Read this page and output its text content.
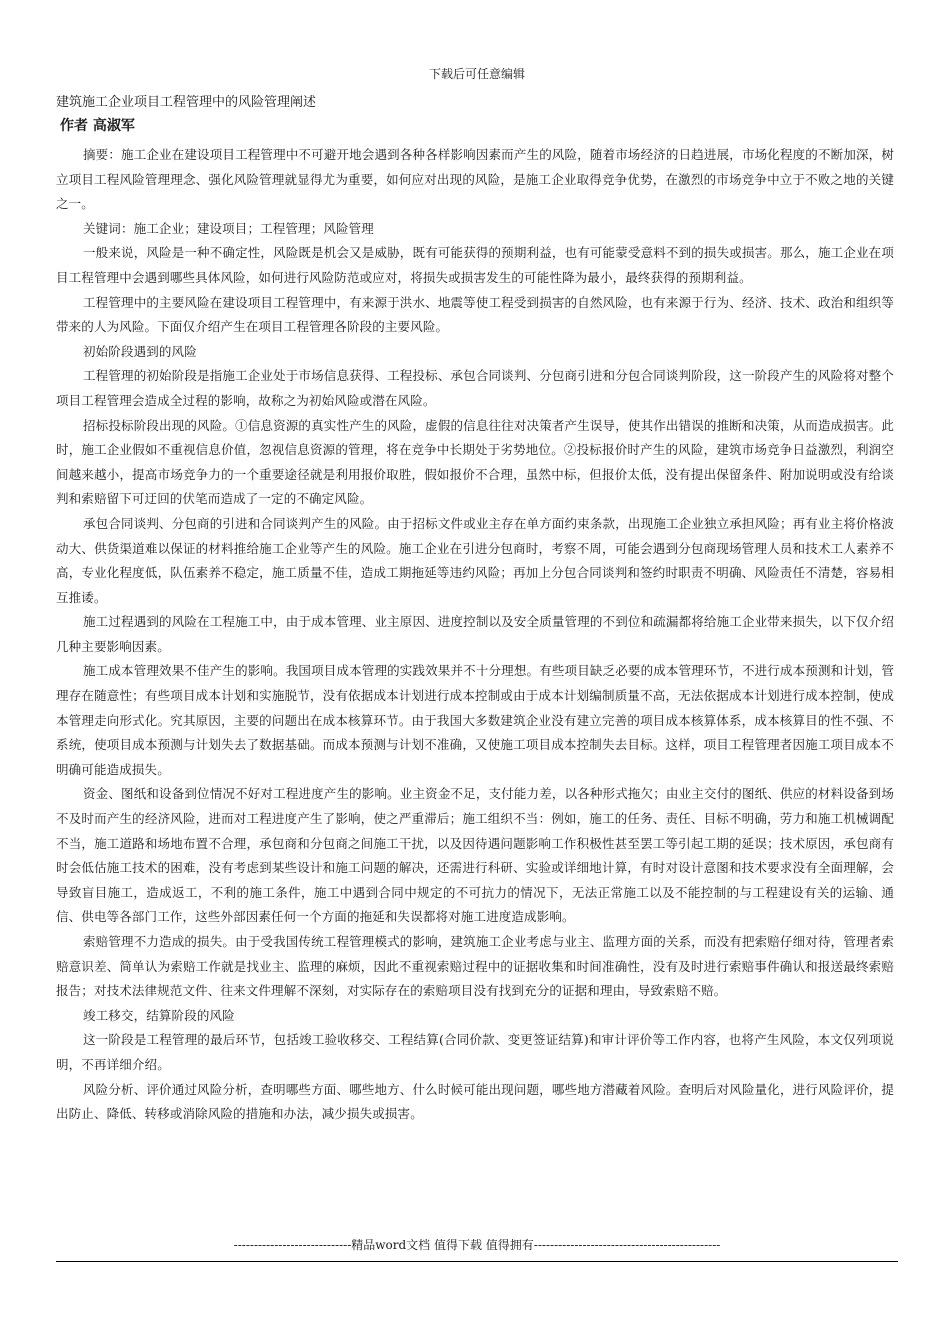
下载后可任意编辑
建筑施工企业项目工程管理中的风险管理阐述
作者 高淑军

摘要：施工企业在建设项目工程管理中不可避开地会遇到各种各样影响因素而产生的风险，随着市场经济的日趋进展，市场化程度的不断加深，树立项目工程风险管理理念、强化风险管理就显得尤为重要，如何应对出现的风险，是施工企业取得竞争优势，在激烈的市场竞争中立于不败之地的关键之一。

关键词：施工企业；建设项目；工程管理；风险管理

一般来说，风险是一种不确定性，风险既是机会又是威胁，既有可能获得的预期利益，也有可能蒙受意料不到的损失或损害。那么，施工企业在项目工程管理中会遇到哪些具体风险，如何进行风险防范或应对，将损失或损害发生的可能性降为最小，最终获得的预期利益。

工程管理中的主要风险在建设项目工程管理中，有来源于洪水、地震等使工程受到损害的自然风险，也有来源于行为、经济、技术、政治和组织等带来的人为风险。下面仅介绍产生在项目工程管理各阶段的主要风险。

初始阶段遇到的风险

工程管理的初始阶段是指施工企业处于市场信息获得、工程投标、承包合同谈判、分包商引进和分包合同谈判阶段，这一阶段产生的风险将对整个项目工程管理会造成全过程的影响，故称之为初始风险或潜在风险。

招标投标阶段出现的风险。①信息资源的真实性产生的风险，虚假的信息往往对决策者产生误导，使其作出错误的推断和决策，从而造成损害。此时，施工企业假如不重视信息价值，忽视信息资源的管理，将在竞争中长期处于劣势地位。②投标报价时产生的风险，建筑市场竞争日益激烈，利润空间越来越小，提高市场竞争力的一个重要途径就是利用报价取胜，假如报价不合理，虽然中标，但报价太低，没有提出保留条件、附加说明或没有给谈判和索赔留下可迂回的伏笔而造成了一定的不确定风险。

承包合同谈判、分包商的引进和合同谈判产生的风险。由于招标文件或业主存在单方面约束条款，出现施工企业独立承担风险；再有业主将价格波动大、供货渠道难以保证的材料推给施工企业等产生的风险。施工企业在引进分包商时，考察不周，可能会遇到分包商现场管理人员和技术工人素养不高，专业化程度低，队伍素养不稳定，施工质量不佳，造成工期拖延等违约风险；再加上分包合同谈判和签约时职责不明确、风险责任不清楚，容易相互推诿。

施工过程遇到的风险在工程施工中，由于成本管理、业主原因、进度控制以及安全质量管理的不到位和疏漏都将给施工企业带来损失，以下仅介绍几种主要影响因素。

施工成本管理效果不佳产生的影响。我国项目成本管理的实践效果并不十分理想。有些项目缺乏必要的成本管理环节，不进行成本预测和计划，管理存在随意性；有些项目成本计划和实施脱节，没有依据成本计划进行成本控制或由于成本计划编制质量不高，无法依据成本计划进行成本控制，使成本管理走向形式化。究其原因，主要的问题出在成本核算环节。由于我国大多数建筑企业没有建立完善的项目成本核算体系，成本核算目的性不强、不系统，使项目成本预测与计划失去了数据基础。而成本预测与计划不准确，又使施工项目成本控制失去目标。这样，项目工程管理者因施工项目成本不明确可能造成损失。

资金、图纸和设备到位情况不好对工程进度产生的影响。业主资金不足，支付能力差，以各种形式拖欠；由业主交付的图纸、供应的材料设备到场不及时而产生的经济风险，进而对工程进度产生了影响，使之严重滞后；施工组织不当：例如，施工的任务、责任、目标不明确，劳力和施工机械调配不当，施工道路和场地布置不合理，承包商和分包商之间施工干扰，以及因待遇问题影响工作积极性甚至罢工等引起工期的延误；技术原因，承包商有时会低估施工技术的困难，没有考虑到某些设计和施工问题的解决，还需进行科研、实验或详细地计算，有时对设计意图和技术要求没有全面理解，会导致盲目施工，造成返工，不利的施工条件，施工中遇到合同中规定的不可抗力的情况下，无法正常施工以及不能控制的与工程建设有关的运输、通信、供电等各部门工作，这些外部因素任何一个方面的拖延和失误都将对施工进度造成影响。

索赔管理不力造成的损失。由于受我国传统工程管理模式的影响，建筑施工企业考虑与业主、监理方面的关系，而没有把索赔仔细对待，管理者索赔意识差、简单认为索赔工作就是找业主、监理的麻烦，因此不重视索赔过程中的证据收集和时间准确性，没有及时进行索赔事件确认和报送最终索赔报告；对技术法律规范文件、往来文件理解不深刻，对实际存在的索赔项目没有找到充分的证据和理由，导致索赔不赔。

竣工移交，结算阶段的风险

这一阶段是工程管理的最后环节，包括竣工验收移交、工程结算(合同价款、变更签证结算)和审计评价等工作内容，也将产生风险，本文仅列项说明，不再详细介绍。

风险分析、评价通过风险分析，查明哪些方面、哪些地方、什么时候可能出现问题，哪些地方潜藏着风险。查明后对风险量化，进行风险评价，提出防止、降低、转移或消除风险的措施和办法，减少损失或损害。

-----------------------------精品word文档 值得下载 值得拥有----------------------------------------------
